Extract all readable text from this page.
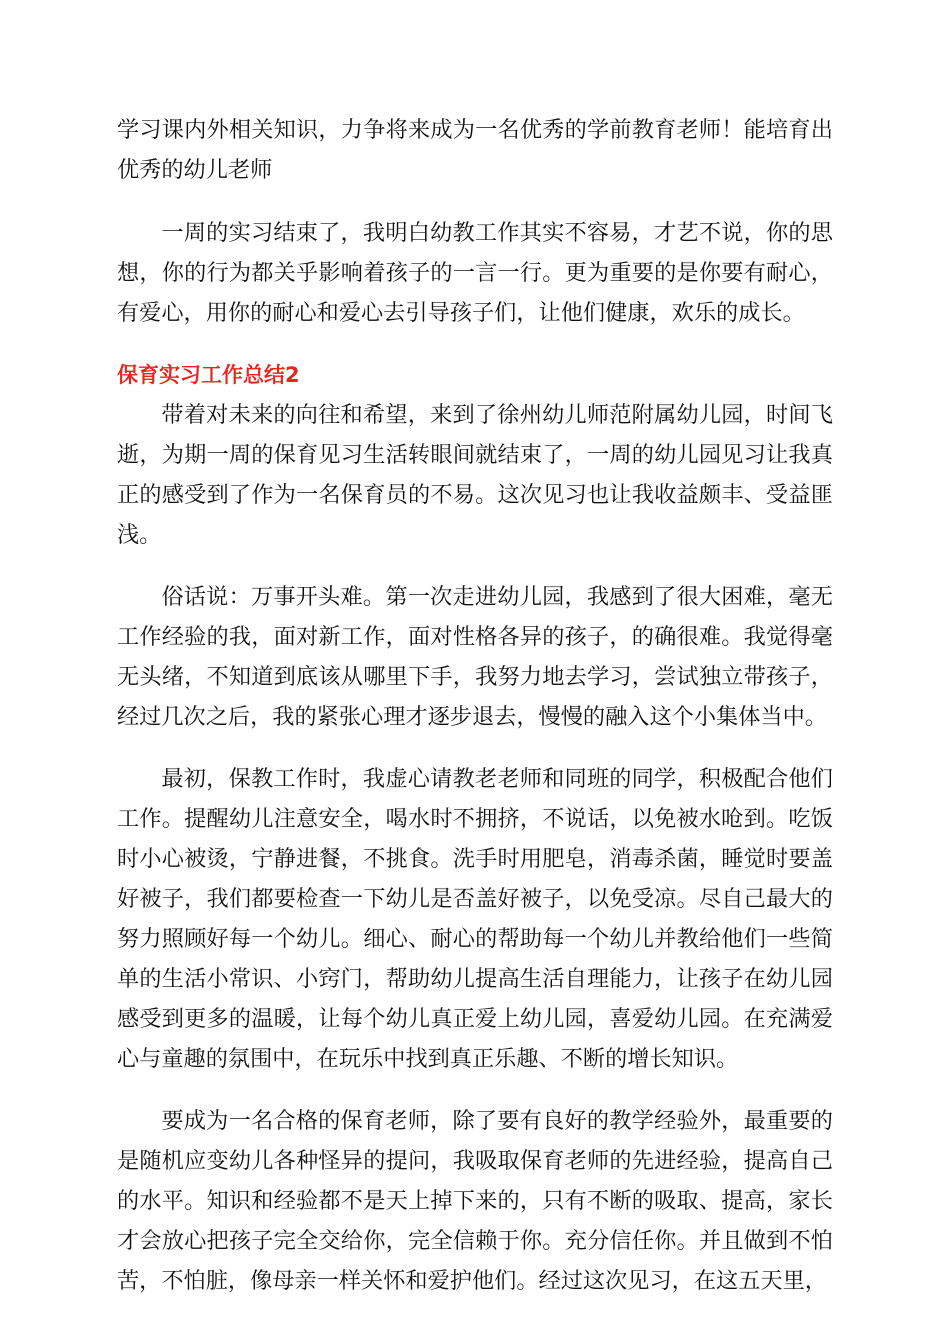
学习课内外相关知识，力争将来成为一名优秀的学前教育老师！能培育出优秀的幼儿老师

一周的实习结束了，我明白幼教工作其实不容易，才艺不说，你的思想，你的行为都关乎影响着孩子的一言一行。更为重要的是你要有耐心，有爱心，用你的耐心和爱心去引导孩子们，让他们健康，欢乐的成长。

保育实习工作总结2

带着对未来的向往和希望，来到了徐州幼儿师范附属幼儿园，时间飞逝，为期一周的保育见习生活转眼间就结束了，一周的幼儿园见习让我真正的感受到了作为一名保育员的不易。这次见习也让我收益颇丰、受益匪浅。

俗话说：万事开头难。第一次走进幼儿园，我感到了很大困难，毫无工作经验的我，面对新工作，面对性格各异的孩子，的确很难。我觉得毫无头绪，不知道到底该从哪里下手，我努力地去学习，尝试独立带孩子，经过几次之后，我的紧张心理才逐步退去，慢慢的融入这个小集体当中。

最初，保教工作时，我虚心请教老老师和同班的同学，积极配合他们工作。提醒幼儿注意安全，喝水时不拥挤，不说话，以免被水呛到。吃饭时小心被烫，宁静进餐，不挑食。洗手时用肥皂，消毒杀菌，睡觉时要盖好被子，我们都要检查一下幼儿是否盖好被子，以免受凉。尽自己最大的努力照顾好每一个幼儿。细心、耐心的帮助每一个幼儿并教给他们一些简单的生活小常识、小窍门，帮助幼儿提高生活自理能力，让孩子在幼儿园感受到更多的温暖，让每个幼儿真正爱上幼儿园，喜爱幼儿园。在充满爱心与童趣的氛围中，在玩乐中找到真正乐趣、不断的增长知识。

要成为一名合格的保育老师，除了要有良好的教学经验外，最重要的是随机应变幼儿各种怪异的提问，我吸取保育老师的先进经验，提高自己的水平。知识和经验都不是天上掉下来的，只有不断的吸取、提高，家长才会放心把孩子完全交给你，完全信赖于你。充分信任你。并且做到不怕苦，不怕脏，像母亲一样关怀和爱护他们。经过这次见习，在这五天里，
